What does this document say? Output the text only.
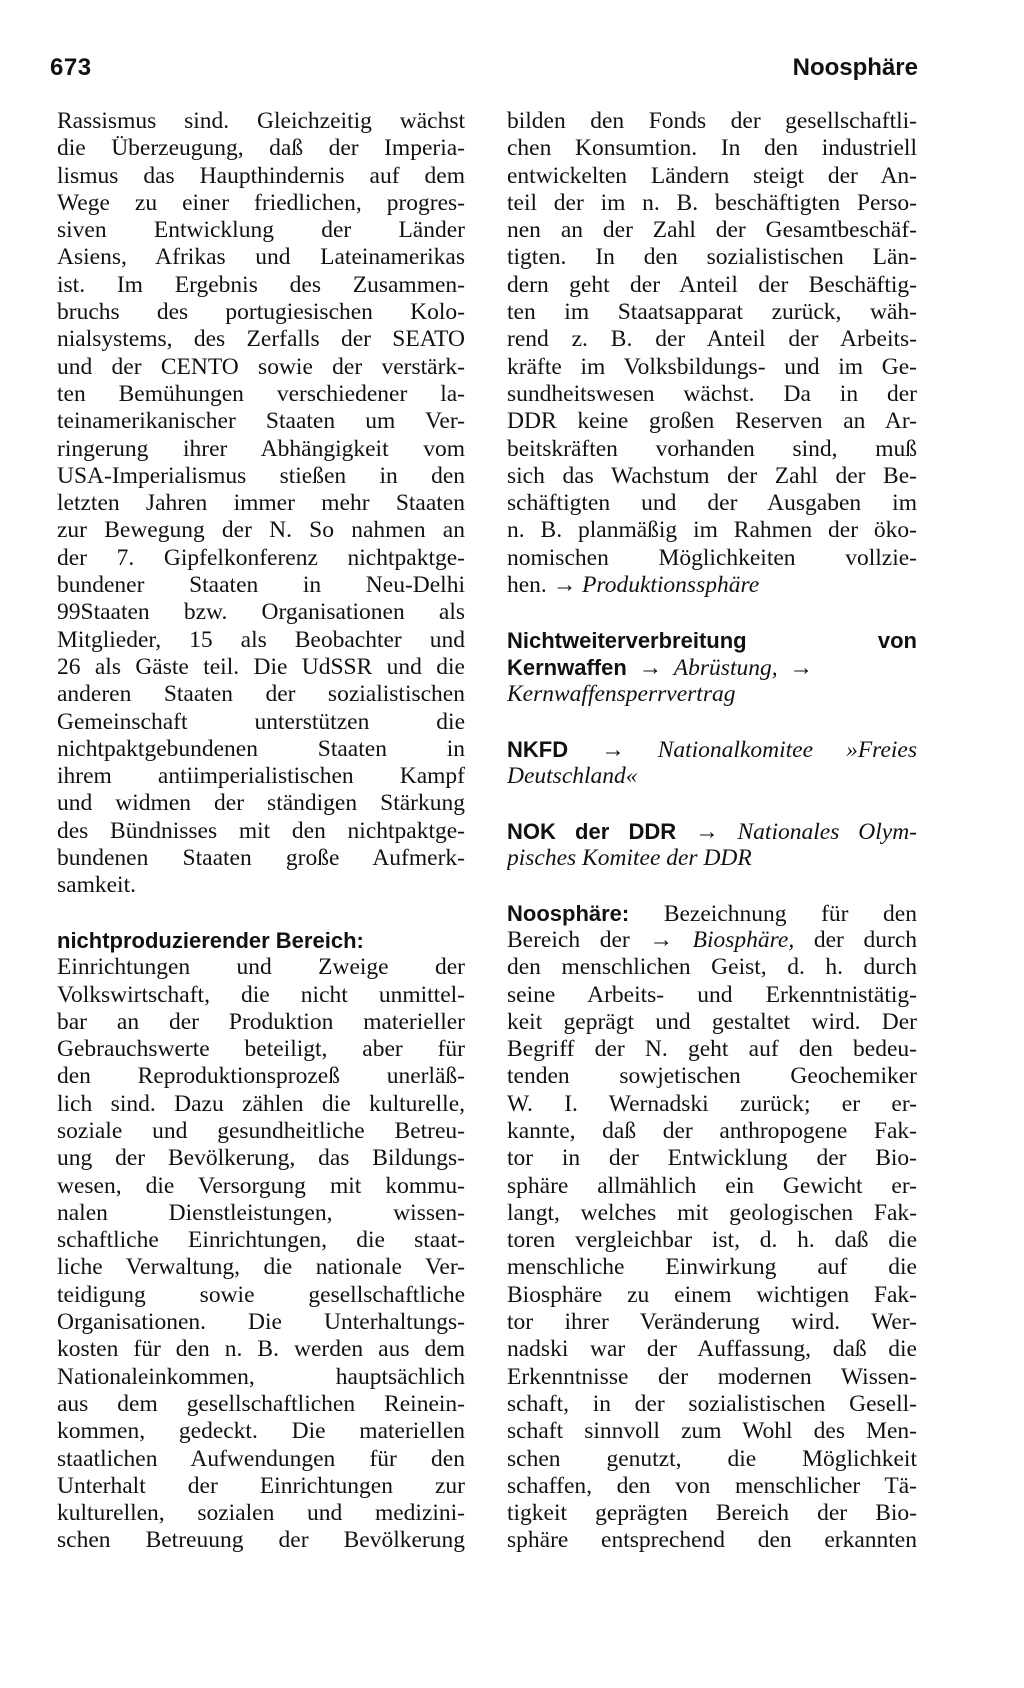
673	Noosphäre
Rassismus sind. Gleichzeitig wächst
die Überzeugung, daß der Imperia-
lismus das Haupthindernis auf dem
Wege zu einer friedlichen, progres-
siven Entwicklung der Länder
Asiens, Afrikas und Lateinamerikas
ist. Im Ergebnis des Zusammen-
bruchs des portugiesischen Kolo-
nialsystems, des Zerfalls der SEATO
und der CENTO sowie der verstärk-
ten Bemühungen verschiedener la-
teinamerikanischer Staaten um Ver-
ringerung ihrer Abhängigkeit vom
USA-Imperialismus stießen in den
letzten Jahren immer mehr Staaten
zur Bewegung der N. So nahmen an
der 7. Gipfelkonferenz nichtpaktge-
bundener Staaten in Neu-Delhi
99Staaten bzw. Organisationen als
Mitglieder, 15 als Beobachter und
26 als Gäste teil. Die UdSSR und die
anderen Staaten der sozialistischen
Gemeinschaft unterstützen die
nichtpaktgebundenen Staaten in
ihrem antiimperialistischen Kampf
und widmen der ständigen Stärkung
des Bündnisses mit den nichtpaktge-
bundenen Staaten große Aufmerk-
samkeit.
nichtproduzierender Bereich:
Einrichtungen und Zweige der
Volkswirtschaft, die nicht unmittel-
bar an der Produktion materieller
Gebrauchswerte beteiligt, aber für
den Reproduktionsprozeß unerläß-
lich sind. Dazu zählen die kulturelle,
soziale und gesundheitliche Betreu-
ung der Bevölkerung, das Bildungs-
wesen, die Versorgung mit kommu-
nalen Dienstleistungen, wissen-
schaftliche Einrichtungen, die staat-
liche Verwaltung, die nationale Ver-
teidigung sowie gesellschaftliche
Organisationen. Die Unterhaltungs-
kosten für den n. B. werden aus dem
Nationaleinkommen, hauptsächlich
aus dem gesellschaftlichen Reinein-
kommen, gedeckt. Die materiellen
staatlichen Aufwendungen für den
Unterhalt der Einrichtungen zur
kulturellen, sozialen und medizini-
schen Betreuung der Bevölkerung
bilden den Fonds der gesellschaftli-
chen Konsumtion. In den industriell
entwickelten Ländern steigt der An-
teil der im n. B. beschäftigten Perso-
nen an der Zahl der Gesamtbeschäf-
tigten. In den sozialistischen Län-
dern geht der Anteil der Beschäftig-
ten im Staatsapparat zurück, wäh-
rend z. B. der Anteil der Arbeits-
kräfte im Volksbildungs- und im Ge-
sundheitswesen wächst. Da in der
DDR keine großen Reserven an Ar-
beitskräften vorhanden sind, muß
sich das Wachstum der Zahl der Be-
schäftigten und der Ausgaben im
n. B. planmäßig im Rahmen der öko-
nomischen Möglichkeiten vollzie-
hen. → Produktionssphäre
Nichtweiterverbreitung	von
Kernwaffen → Abrüstung, →
Kernwaffensperrvertrag
NKFD → Nationalkomitee »Freies
Deutschland«
NOK der DDR → Nationales Olym-
pisches Komitee der DDR
Noosphäre: Bezeichnung für den
Bereich der → Biosphäre, der durch
den menschlichen Geist, d. h. durch
seine Arbeits- und Erkenntnistätig-
keit geprägt und gestaltet wird. Der
Begriff der N. geht auf den bedeu-
tenden sowjetischen Geochemiker
W. I. Wernadski zurück; er er-
kannte, daß der anthropogene Fak-
tor in der Entwicklung der Bio-
sphäre allmählich ein Gewicht er-
langt, welches mit geologischen Fak-
toren vergleichbar ist, d. h. daß die
menschliche Einwirkung auf die
Biosphäre zu einem wichtigen Fak-
tor ihrer Veränderung wird. Wer-
nadski war der Auffassung, daß die
Erkenntnisse der modernen Wissen-
schaft, in der sozialistischen Gesell-
schaft sinnvoll zum Wohl des Men-
schen genutzt, die Möglichkeit
schaffen, den von menschlicher Tä-
tigkeit geprägten Bereich der Bio-
sphäre entsprechend den erkannten
